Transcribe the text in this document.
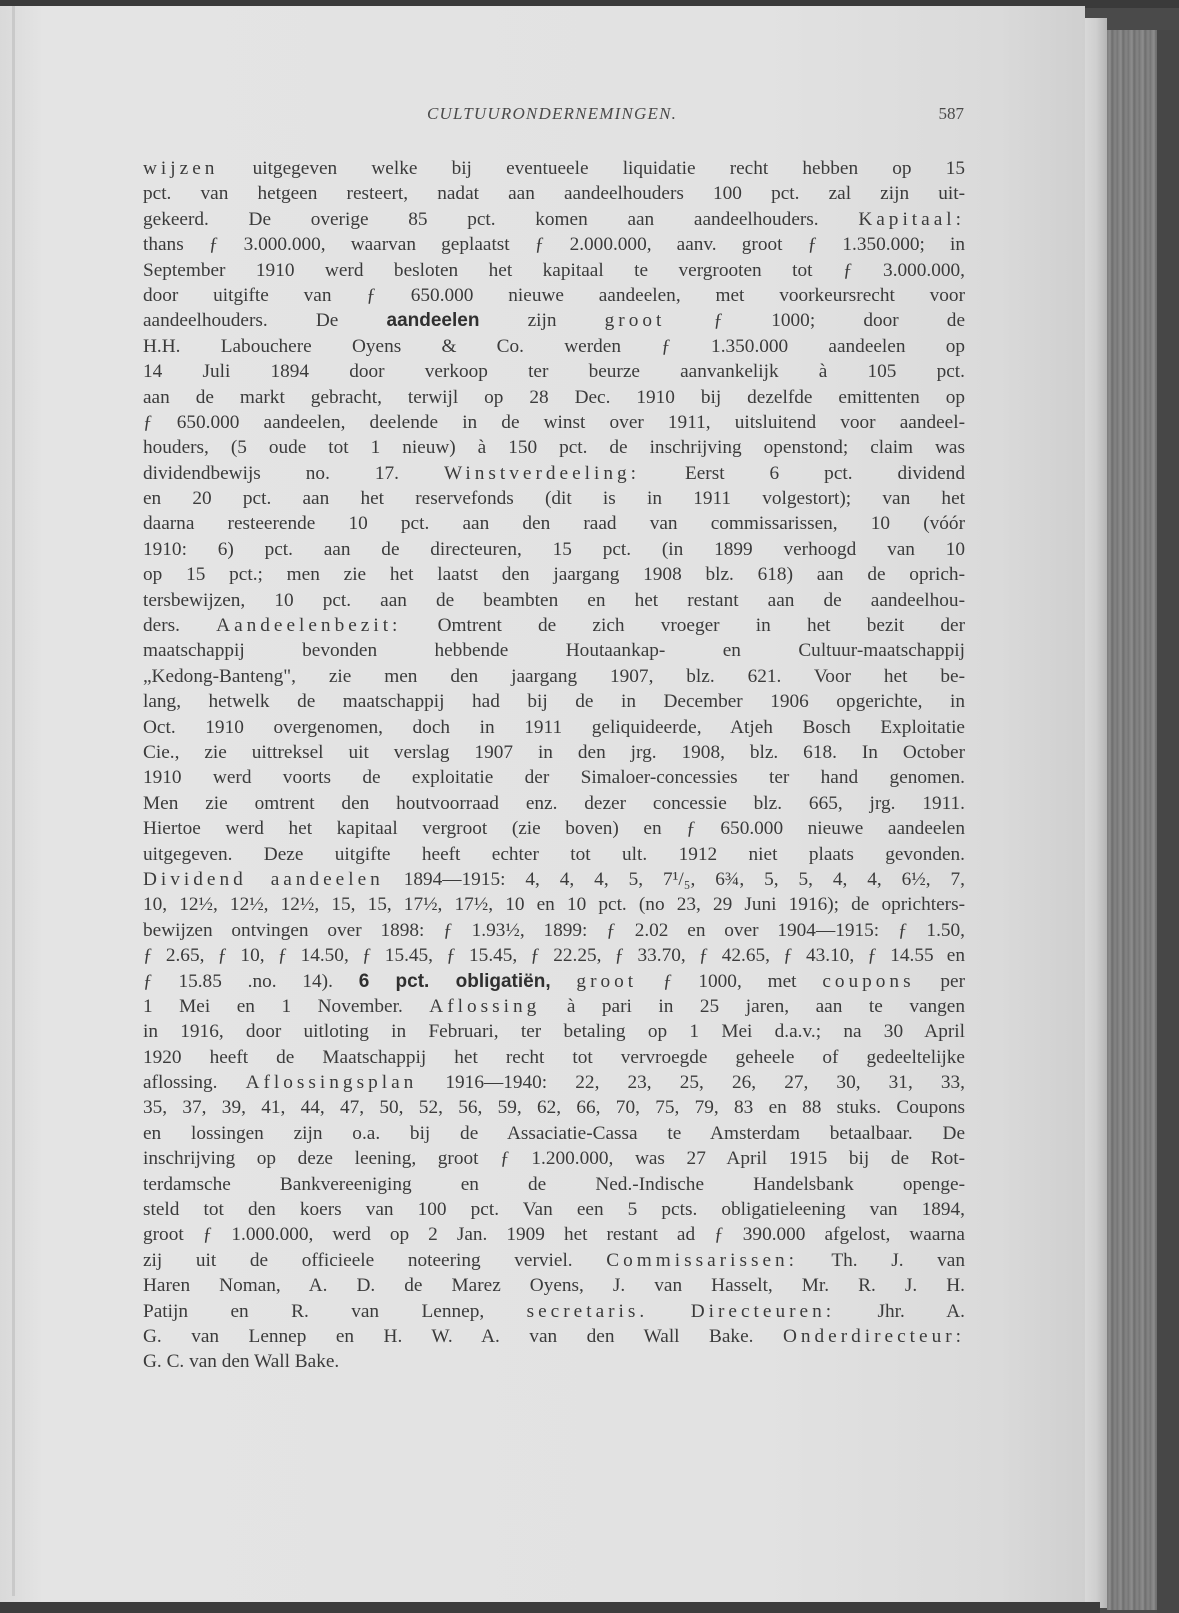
CULTUURONDERNEMINGEN.	587
wijzen uitgegeven welke bij eventueele liquidatie recht hebben op 15
pct. van hetgeen resteert, nadat aan aandeelhouders 100 pct. zal zijn uit-
gekeerd. De overige 85 pct. komen aan aandeelhouders. Kapitaal:
thans ƒ 3.000.000, waarvan geplaatst ƒ 2.000.000, aanv. groot ƒ 1.350.000; in
September 1910 werd besloten het kapitaal te vergrooten tot ƒ 3.000.000,
door uitgifte van ƒ 650.000 nieuwe aandeelen, met voorkeursrecht voor
aandeelhouders. De aandeelen zijn groot ƒ 1000; door de
H.H. Labouchere Oyens & Co. werden ƒ 1.350.000 aandeelen op
14 Juli 1894 door verkoop ter beurze aanvankelijk à 105 pct.
aan de markt gebracht, terwijl op 28 Dec. 1910 bij dezelfde emittenten op
ƒ 650.000 aandeelen, deelende in de winst over 1911, uitsluitend voor aandeel-
houders, (5 oude tot 1 nieuw) à 150 pct. de inschrijving openstond; claim was
dividendbewijs no. 17. Winstverdeeling: Eerst 6 pct. dividend
en 20 pct. aan het reservefonds (dit is in 1911 volgestort); van het
daarna resteerende 10 pct. aan den raad van commissarissen, 10 (vóór
1910: 6) pct. aan de directeuren, 15 pct. (in 1899 verhoogd van 10
op 15 pct.; men zie het laatst den jaargang 1908 blz. 618) aan de oprich-
tersbewijzen, 10 pct. aan de beambten en het restant aan de aandeelhou-
ders. Aandeelenbezit: Omtrent de zich vroeger in het bezit der
maatschappij bevonden hebbende Houtaankap- en Cultuur-maatschappij
„Kedong-Banteng", zie men den jaargang 1907, blz. 621. Voor het be-
lang, hetwelk de maatschappij had bij de in December 1906 opgerichte, in
Oct. 1910 overgenomen, doch in 1911 geliquideerde, Atjeh Bosch Exploitatie
Cie., zie uittreksel uit verslag 1907 in den jrg. 1908, blz. 618. In October
1910 werd voorts de exploitatie der Simaloer-concessies ter hand genomen.
Men zie omtrent den houtvoorraad enz. dezer concessie blz. 665, jrg. 1911.
Hiertoe werd het kapitaal vergroot (zie boven) en ƒ 650.000 nieuwe aandeelen
uitgegeven. Deze uitgifte heeft echter tot ult. 1912 niet plaats gevonden.
Dividend aandeelen 1894—1915: 4, 4, 4, 5, 7¹/₅, 6¾, 5, 5, 4, 4, 6½, 7,
10, 12½, 12½, 12½, 15, 15, 17½, 17½, 10 en 10 pct. (no 23, 29 Juni 1916); de oprichters-
bewijzen ontvingen over 1898: ƒ 1.93½, 1899: ƒ 2.02 en over 1904—1915: ƒ 1.50,
ƒ 2.65, ƒ 10, ƒ 14.50, ƒ 15.45, ƒ 15.45, ƒ 22.25, ƒ 33.70, ƒ 42.65, ƒ 43.10, ƒ 14.55 en
ƒ 15.85 .no. 14). 6 pct. obligatiën, groot ƒ 1000, met coupons per
1 Mei en 1 November. Aflossing à pari in 25 jaren, aan te vangen
in 1916, door uitloting in Februari, ter betaling op 1 Mei d.a.v.; na 30 April
1920 heeft de Maatschappij het recht tot vervroegde geheele of gedeeltelijke
aflossing. Aflossingsplan 1916—1940: 22, 23, 25, 26, 27, 30, 31, 33,
35, 37, 39, 41, 44, 47, 50, 52, 56, 59, 62, 66, 70, 75, 79, 83 en 88 stuks. Coupons
en lossingen zijn o.a. bij de Assaciatie-Cassa te Amsterdam betaalbaar. De
inschrijving op deze leening, groot ƒ 1.200.000, was 27 April 1915 bij de Rot-
terdamsche Bankvereeniging en de Ned.-Indische Handelsbank openge-
steld tot den koers van 100 pct. Van een 5 pcts. obligatieleening van 1894,
groot ƒ 1.000.000, werd op 2 Jan. 1909 het restant ad ƒ 390.000 afgelost, waarna
zij uit de officieele noteering verviel. Commissarissen: Th. J. van
Haren Noman, A. D. de Marez Oyens, J. van Hasselt, Mr. R. J. H.
Patijn en R. van Lennep, secretaris. Directeuren: Jhr. A.
G. van Lennep en H. W. A. van den Wall Bake. Onderdirecteur:
G. C. van den Wall Bake.
